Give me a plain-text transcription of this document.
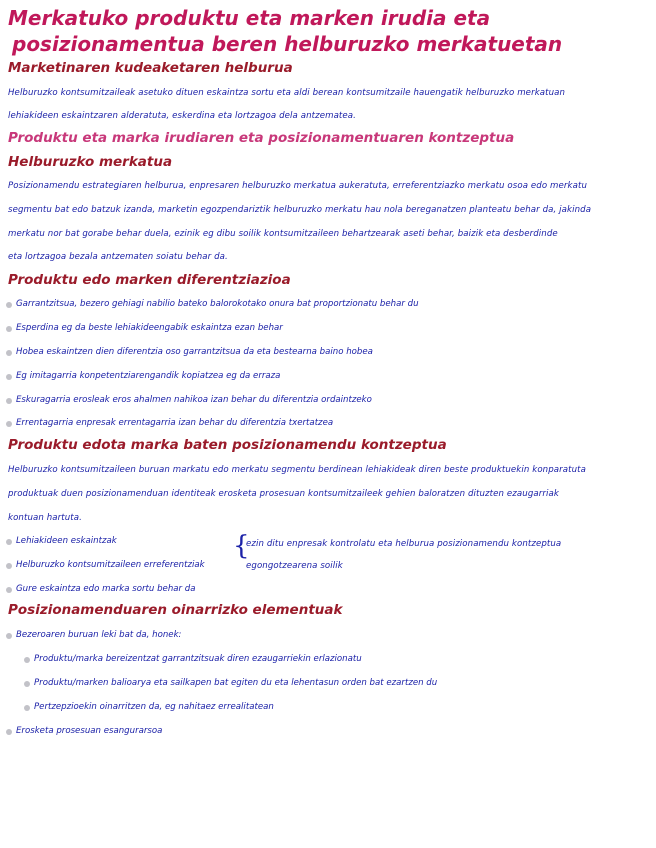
Merkatuko produktu eta marken irudia eta
posizionamentua beren helburuzko merkatuetan
Marketinaren kudeaketaren helburua
Helburuzko kontsumitzaileak asetuko dituen eskaintza sortu eta aldi berean kontsumitzaile hauengatik helburuzko merkatuan
lehiakideen eskaintzaren alderatuta, eskerdina eta lortzagoa dela antzematea.
Produktu eta marka irudiaren eta posizionamentuaren kontzeptua
Helburuzko merkatua
Posizionamendu estrategiaren helburua, enpresaren helburuzko merkatua aukeratuta, erreferentziazko merkatu osoa edo merkatu
segmentu bat edo batzuk izanda, marketin egozpendariztik helburuzko merkatu hau nola bereganatzen planteatu behar da, jakinda
merkatu nor bat gorabe behar duela, ezinik eg dibu soilik kontsumitzaileen behartzearak aseti behar, baizik eta desberdinde
eta lortzagoa bezala antzematen soiatu behar da.
Produktu edo marken diferentziazioa
Garrantzitsua, bezero gehiagi nabilio bateko balorokotako onura bat proportzionatu behar du
Esperdina eg da beste lehiakideengabik eskaintza ezan behar
Hobea eskaintzen dien diferentzia oso garrantzitsua da eta bestearna baino hobea
Eg imitagarria konpetentziarengandik kopiatzea eg da erraza
Eskuragarria erosleak eros ahalmen nahikoa izan behar du diferentzia ordaintzeko
Errentagarria enpresak errentagarria izan behar du diferentzia txertatzea
Produktu edota marka baten posizionamendu kontzeptua
Helburuzko kontsumitzaileen buruan markatu edo merkatu segmentu berdinean lehiakideak diren beste produktuekin konparatuta
produktuak duen posizionamenduan identiteak erosketa prosesuan kontsumitzaileek gehien baloratzen dituzten ezaugarriak
kontuan hartuta.
Lehiakideen eskaintzak
Helburuzko kontsumitzaileen erreferentziak
Gure eskaintza edo marka sortu behar da
{
ezin ditu enpresak kontrolatu eta helburua posizionamendu kontzeptua
egongotzearena soilik
Posizionamenduaren oinarrizko elementuak
Bezeroaren buruan leki bat da, honek:
Produktu/marka bereizentzat garrantzitsuak diren ezaugarriekin erlazionatu
Produktu/marken balioarya eta sailkapen bat egiten du eta lehentasun orden bat ezartzen du
Pertzepzioekin oinarritzen da, eg nahitaez errealitatean
Erosketa prosesuan esangurarsoa
